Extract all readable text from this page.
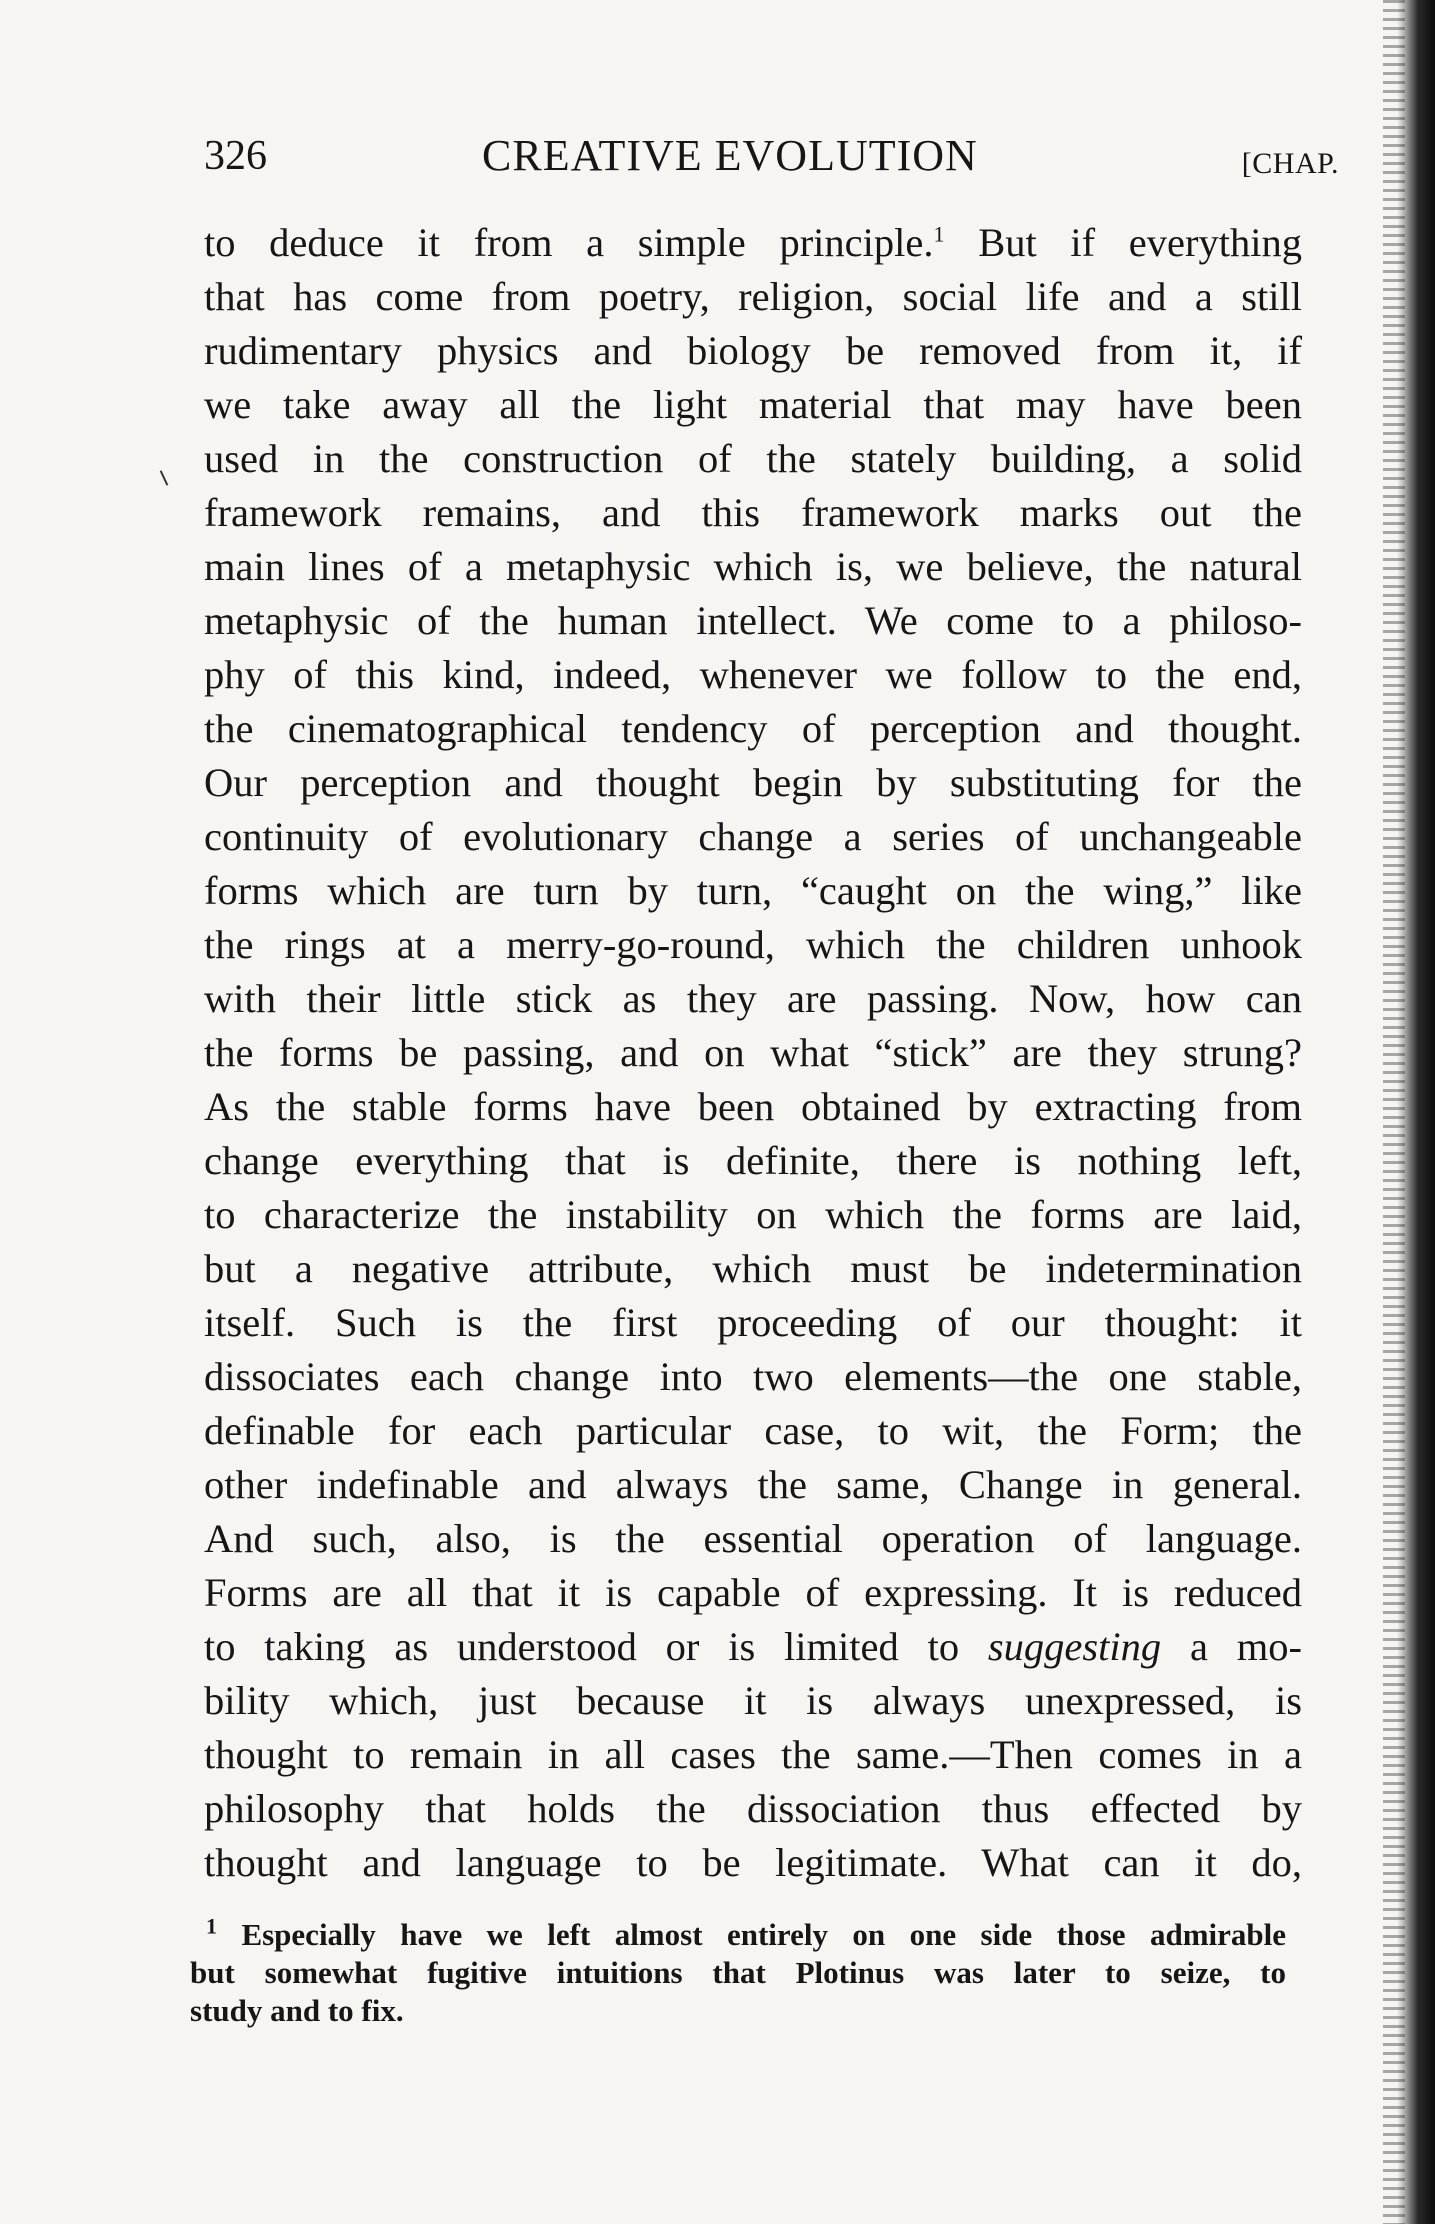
326	CREATIVE EVOLUTION	[CHAP.
to deduce it from a simple principle.$^1$ But if everything
that has come from poetry, religion, social life and a still
rudimentary physics and biology be removed from it, if
we take away all the light material that may have been
used in the construction of the stately building, a solid
framework remains, and this framework marks out the
main lines of a metaphysic which is, we believe, the natural
metaphysic of the human intellect. We come to a philoso-
phy of this kind, indeed, whenever we follow to the end,
the cinematographical tendency of perception and thought.
Our perception and thought begin by substituting for the
continuity of evolutionary change a series of unchangeable
forms which are turn by turn, “caught on the wing,” like
the rings at a merry-go-round, which the children unhook
with their little stick as they are passing. Now, how can
the forms be passing, and on what “stick” are they strung?
As the stable forms have been obtained by extracting from
change everything that is definite, there is nothing left,
to characterize the instability on which the forms are laid,
but a negative attribute, which must be indetermination
itself. Such is the first proceeding of our thought: it
dissociates each change into two elements—the one stable,
definable for each particular case, to wit, the Form; the
other indefinable and always the same, Change in general.
And such, also, is the essential operation of language.
Forms are all that it is capable of expressing. It is reduced
to taking as understood or is limited to suggesting a mo-
bility which, just because it is always unexpressed, is
thought to remain in all cases the same.—Then comes in a
philosophy that holds the dissociation thus effected by
thought and language to be legitimate. What can it do,
$^1$ Especially have we left almost entirely on one side those admirable
but somewhat fugitive intuitions that Plotinus was later to seize, to
study and to fix.
